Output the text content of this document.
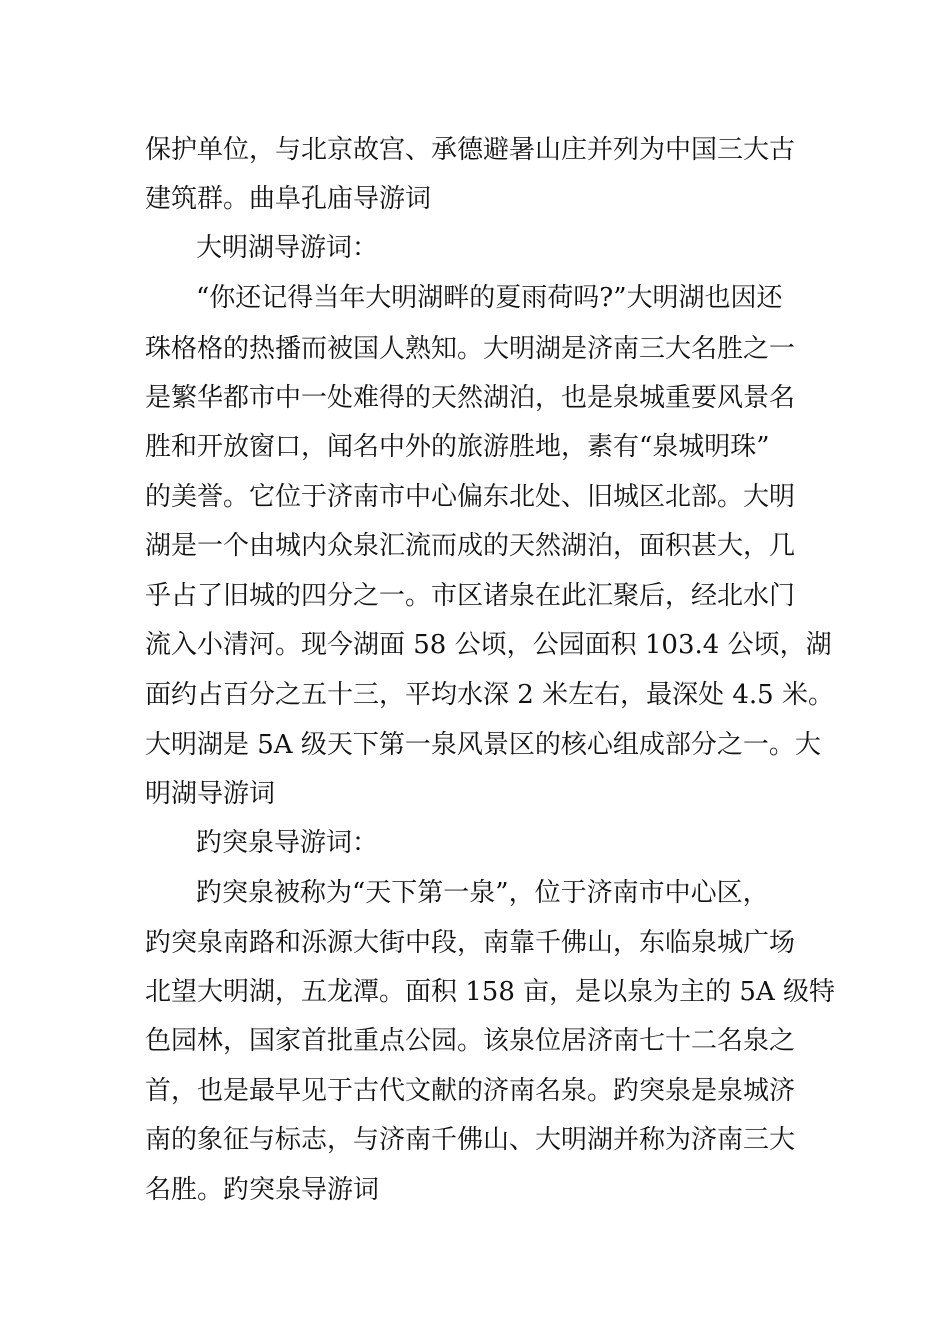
保护单位，与北京故宫、承德避暑山庄并列为中国三大古
建筑群。曲阜孔庙导游词
大明湖导游词：
“你还记得当年大明湖畔的夏雨荷吗?”大明湖也因还
珠格格的热播而被国人熟知。大明湖是济南三大名胜之一
是繁华都市中一处难得的天然湖泊，也是泉城重要风景名
胜和开放窗口，闻名中外的旅游胜地，素有“泉城明珠”
的美誉。它位于济南市中心偏东北处、旧城区北部。大明
湖是一个由城内众泉汇流而成的天然湖泊，面积甚大，几
乎占了旧城的四分之一。市区诸泉在此汇聚后，经北水门
流入小清河。现今湖面 58 公顷，公园面积 103.4 公顷，湖
面约占百分之五十三，平均水深 2 米左右，最深处 4.5 米。
大明湖是 5A 级天下第一泉风景区的核心组成部分之一。大
明湖导游词
趵突泉导游词：
趵突泉被称为“天下第一泉”，位于济南市中心区，
趵突泉南路和泺源大街中段，南靠千佛山，东临泉城广场
北望大明湖，五龙潭。面积 158 亩，是以泉为主的 5A 级特
色园林，国家首批重点公园。该泉位居济南七十二名泉之
首，也是最早见于古代文献的济南名泉。趵突泉是泉城济
南的象征与标志，与济南千佛山、大明湖并称为济南三大
名胜。趵突泉导游词
